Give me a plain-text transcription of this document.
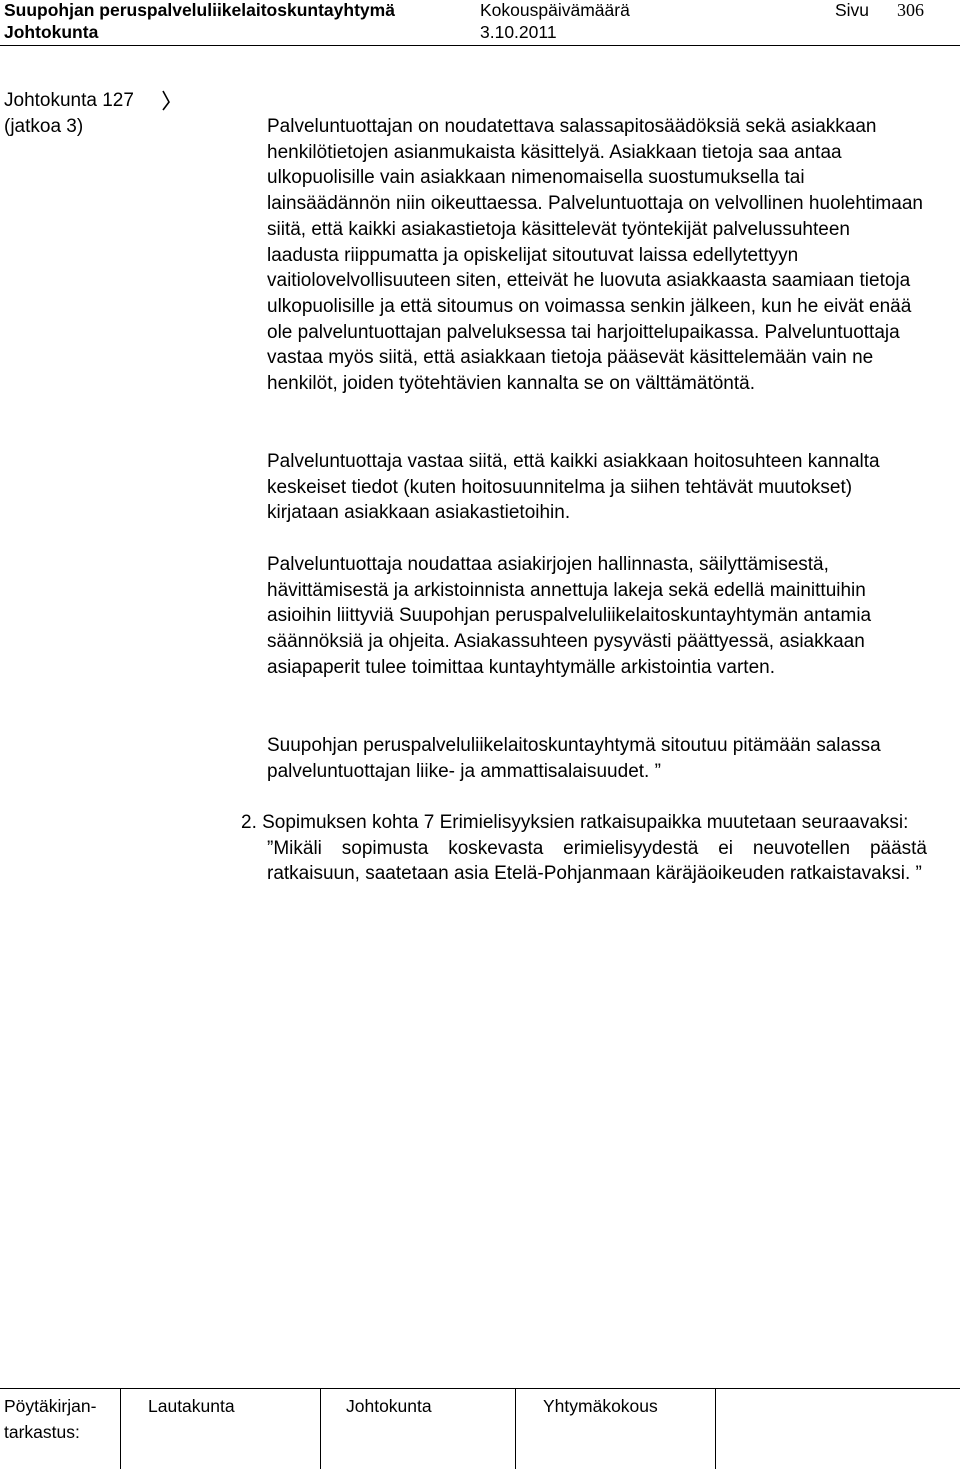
Suupohjan peruspalveluliikelaitoskuntayhtymä	Kokouspäivämäärä	Sivu 306
Johtokunta	3.10.2011
Johtokunta 127
(jatkoa 3)	Palveluntuottajan on noudatettava salassapitosäädöksiä sekä asiakkaan henkilötietojen asianmukaista käsittelyä. Asiakkaan tietoja saa antaa ulkopuolisille vain asiakkaan nimenomaisella suostumuksella tai lainsäädännön niin oikeuttaessa. Palveluntuottaja on velvollinen huolehtimaan siitä, että kaikki asiakastietoja käsittelevät työntekijät palvelussuhteen laadusta riippumatta ja opiskelijat sitoutuvat laissa edellytettyyn vaitiolovelvollisuuteen siten, etteivät he luovuta asiakkaasta saamiaan tietoja ulkopuolisille ja että sitoumus on voimassa senkin jälkeen, kun he eivät enää ole palveluntuottajan palveluksessa tai harjoittelupaikassa. Palveluntuottaja vastaa myös siitä, että asiakkaan tietoja pääsevät käsittelemään vain ne henkilöt, joiden työtehtävien kannalta se on välttämätöntä.

Palveluntuottaja vastaa siitä, että kaikki asiakkaan hoitosuhteen kannalta keskeiset tiedot (kuten hoitosuunnitelma ja siihen tehtävät muutokset) kirjataan asiakkaan asiakastietoihin.

Palveluntuottaja noudattaa asiakirjojen hallinnasta, säilyttämisestä, hävittämisestä ja arkistoinnista annettuja lakeja sekä edellä mainittuihin asioihin liittyviä Suupohjan peruspalveluliikelaitoskuntayhtymän antamia säännöksiä ja ohjeita. Asiakassuhteen pysyvästi päättyessä, asiakkaan asiapaperit tulee toimittaa kuntayhtymälle arkistointia varten.

Suupohjan peruspalveluliikelaitoskuntayhtymä sitoutuu pitämään salassa palveluntuottajan liike- ja ammattisalaisuudet. ”

2. Sopimuksen kohta 7 Erimielisyyksien ratkaisupaikka muutetaan seuraavaksi:

”Mikäli sopimusta koskevasta erimielisyydestä ei neuvotellen päästä ratkaisuun, saatetaan asia Etelä-Pohjanmaan käräjäoikeuden ratkaistavaksi. ”

Pöytäkirjan-
tarkastus:
Lautakunta	Johtokunta	Yhtymäkokous
